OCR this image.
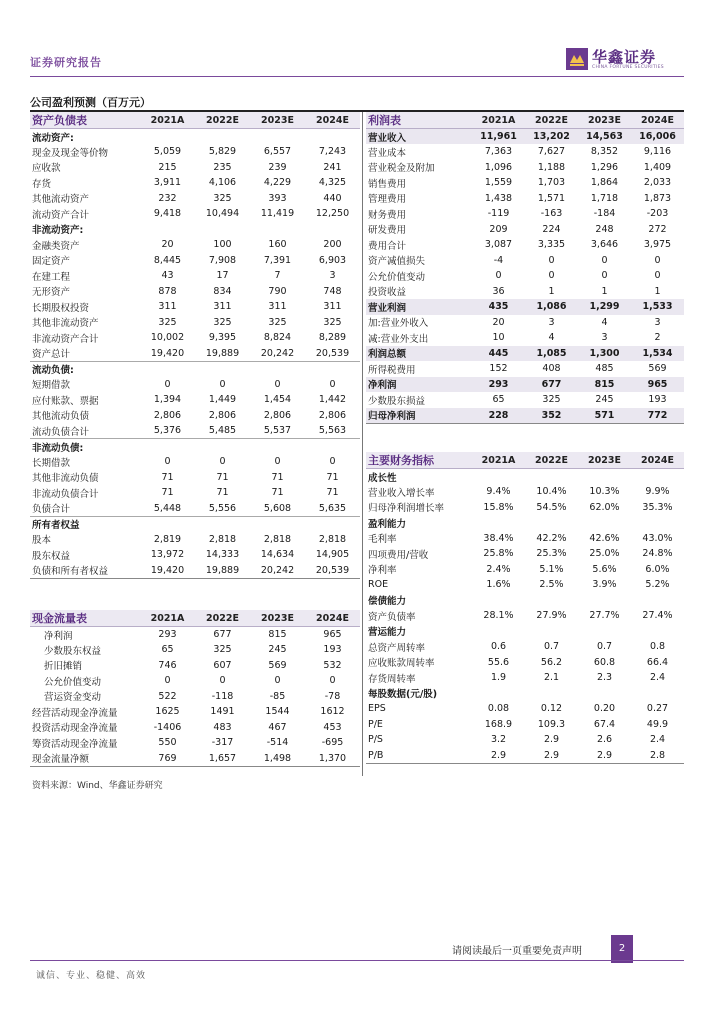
证券研究报告	华鑫证券
CHINA FORTUNE SECURITIES
公司盈利预测（百万元）
资产负债表	2021A	2022E	2023E	2024E
流动资产:				
现金及现金等价物	5,059	5,829	6,557	7,243
应收款	215	235	239	241
存货	3,911	4,106	4,229	4,325
其他流动资产	232	325	393	440
流动资产合计	9,418	10,494	11,419	12,250
非流动资产:				
金融类资产	20	100	160	200
固定资产	8,445	7,908	7,391	6,903
在建工程	43	17	7	3
无形资产	878	834	790	748
长期股权投资	311	311	311	311
其他非流动资产	325	325	325	325
非流动资产合计	10,002	9,395	8,824	8,289
资产总计	19,420	19,889	20,242	20,539
流动负债:				
短期借款	0	0	0	0
应付账款、票据	1,394	1,449	1,454	1,442
其他流动负债	2,806	2,806	2,806	2,806
流动负债合计	5,376	5,485	5,537	5,563
非流动负债:				
长期借款	0	0	0	0
其他非流动负债	71	71	71	71
非流动负债合计	71	71	71	71
负债合计	5,448	5,556	5,608	5,635
所有者权益				
股本	2,819	2,818	2,818	2,818
股东权益	13,972	14,333	14,634	14,905
负债和所有者权益	19,420	19,889	20,242	20,539
现金流量表	2021A	2022E	2023E	2024E
净利润	293	677	815	965
少数股东权益	65	325	245	193
折旧摊销	746	607	569	532
公允价值变动	0	0	0	0
营运资金变动	522	-118	-85	-78
经营活动现金净流量	1625	1491	1544	1612
投资活动现金净流量	-1406	483	467	453
筹资活动现金净流量	550	-317	-514	-695
现金流量净额	769	1,657	1,498	1,370
利润表	2021A	2022E	2023E	2024E
营业收入	11,961	13,202	14,563	16,006
营业成本	7,363	7,627	8,352	9,116
营业税金及附加	1,096	1,188	1,296	1,409
销售费用	1,559	1,703	1,864	2,033
管理费用	1,438	1,571	1,718	1,873
财务费用	-119	-163	-184	-203
研发费用	209	224	248	272
费用合计	3,087	3,335	3,646	3,975
资产减值损失	-4	0	0	0
公允价值变动	0	0	0	0
投资收益	36	1	1	1
营业利润	435	1,086	1,299	1,533
加:营业外收入	20	3	4	3
减:营业外支出	10	4	3	2
利润总额	445	1,085	1,300	1,534
所得税费用	152	408	485	569
净利润	293	677	815	965
少数股东损益	65	325	245	193
归母净利润	228	352	571	772
主要财务指标	2021A	2022E	2023E	2024E
成长性				
营业收入增长率	9.4%	10.4%	10.3%	9.9%
归母净利润增长率	15.8%	54.5%	62.0%	35.3%
盈利能力				
毛利率	38.4%	42.2%	42.6%	43.0%
四项费用/营收	25.8%	25.3%	25.0%	24.8%
净利率	2.4%	5.1%	5.6%	6.0%
ROE	1.6%	2.5%	3.9%	5.2%
偿债能力				
资产负债率	28.1%	27.9%	27.7%	27.4%
营运能力				
总资产周转率	0.6	0.7	0.7	0.8
应收账款周转率	55.6	56.2	60.8	66.4
存货周转率	1.9	2.1	2.3	2.4
每股数据(元/股)				
EPS	0.08	0.12	0.20	0.27
P/E	168.9	109.3	67.4	49.9
P/S	3.2	2.9	2.6	2.4
P/B	2.9	2.9	2.9	2.8
资料来源：Wind、华鑫证券研究
请阅读最后一页重要免责声明	2
诚信、专业、稳健、高效
